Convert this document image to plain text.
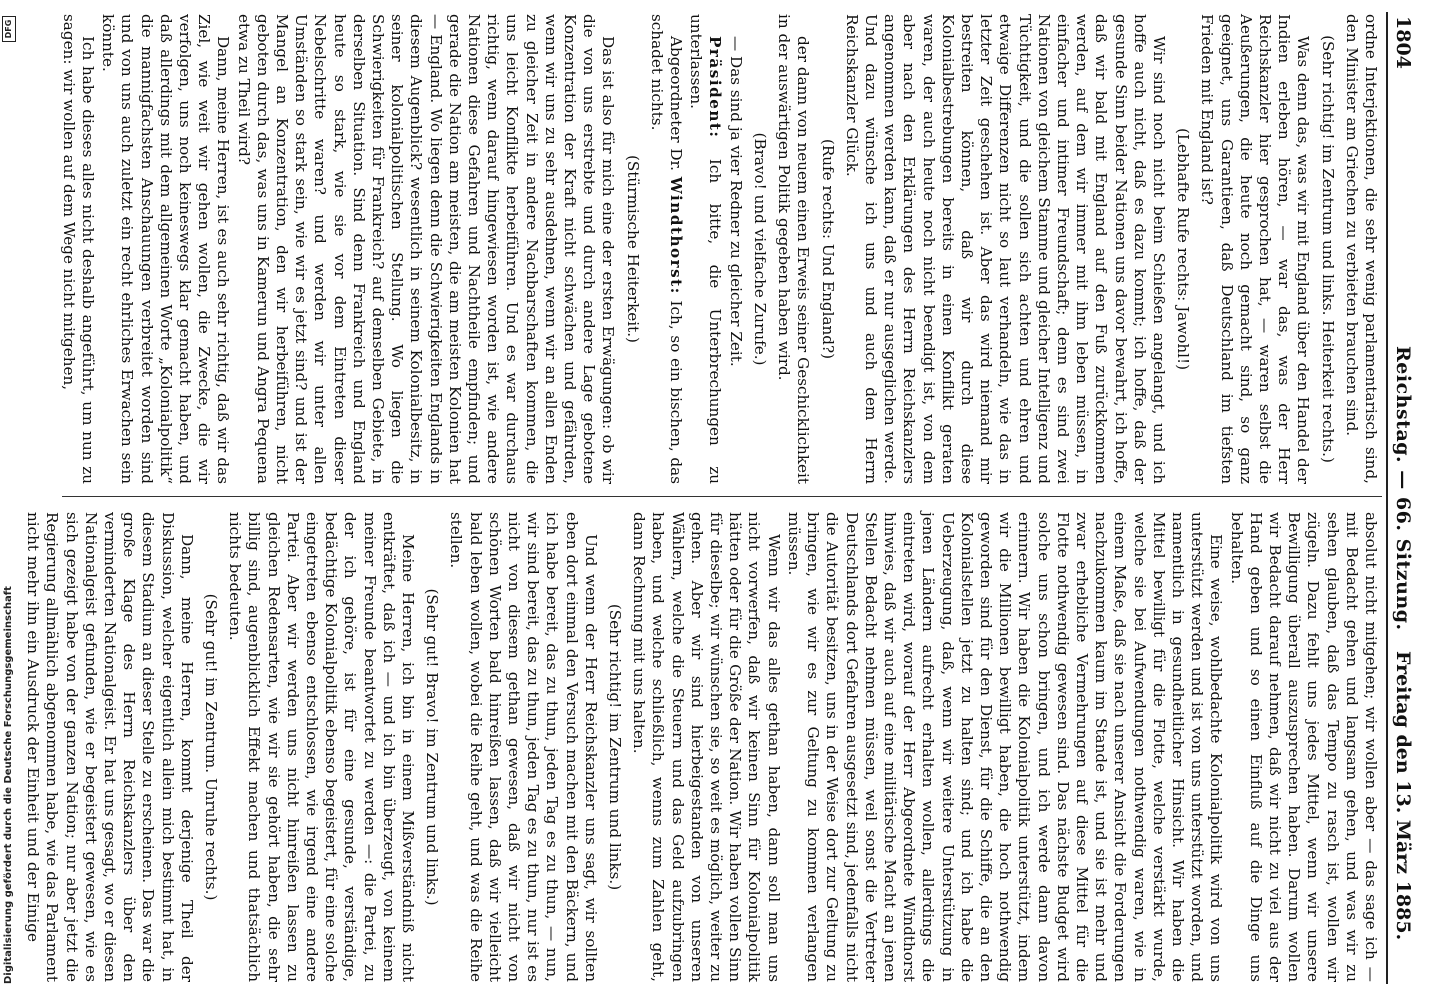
1804
Reichstag. — 66. Sitzung.
Freitag den 13. März 1885.

ordne Interjektionen, die sehr wenig parlamentarisch sind, den Minister am Griechen zu verbieten brauchen sind.

(Sehr richtig! im Zentrum und links. Heiterkeit rechts.)

Was denn das, was wir mit England über den Handel der Indien erleben hören, — war das, was der Herr Reichskanzler hier gesprochen hat, — waren selbst die Aeußerungen, die heute noch gemacht sind, so ganz geeignet, uns Garantieen, daß Deutschland im tiefsten Frieden mit England ist?

(Lebhafte Rufe rechts: Jawohl!)

Wir sind noch nicht beim Schießen angelangt, und ich hoffe auch nicht, daß es dazu kommt; ich hoffe, daß der gesunde Sinn beider Nationen uns davor bewahrt, ich hoffe, daß wir bald mit England auf den Fuß zurückkommen werden, auf dem wir immer mit ihm leben müssen, in einfacher und intimer Freundschaft; denn es sind zwei Nationen von gleichem Stamme und gleicher Intelligenz und Tüchtigkeit, und die sollen sich achten und ehren und etwaige Differenzen nicht so laut verhandeln, wie das in letzter Zeit geschehen ist. Aber das wird niemand mir bestreiten können, daß wir durch diese Kolonialbestrebungen bereits in einen Konflikt geraten waren, der auch heute noch nicht beendigt ist, von dem aber nach den Erklärungen des Herrn Reichskanzlers angenommen werden kann, daß er nur ausgeglichen werde. Und dazu wünsche ich uns und auch dem Herrn Reichskanzler Glück.

(Rufe rechts: Und England?)

der dann von neuem einen Erweis seiner Geschicklichkeit in der auswärtigen Politik gegeben haben wird.

(Bravo! und vielfache Zurufe.)

— Das sind ja vier Redner zu gleicher Zeit.

Präsident: Ich bitte, die Unterbrechungen zu unterlassen.

Abgeordneter Dr. Windthorst: Ich, so ein bischen, das schadet nichts.

(Stürmische Heiterkeit.)

Das ist also für mich eine der ersten Erwägungen: ob wir die von uns erstrebte und durch andere Lage gebotene Konzentration der Kraft nicht schwächen und gefährden, wenn wir uns zu sehr ausdehnen, wenn wir an allen Enden zu gleicher Zeit in andere Nachbarschaften kommen, die uns leicht Konflikte herbeiführen. Und es war durchaus richtig, wenn darauf hingewiesen worden ist, wie andere Nationen diese Gefahren und Nachtheile empfinden; und gerade die Nation am meisten, die am meisten Kolonien hat — England. Wo liegen denn die Schwierigkeiten Englands in diesem Augenblick? wesentlich in seinem Kolonialbesitz, in seiner kolonialpolitischen Stellung. Wo liegen die Schwierigkeiten für Frankreich? auf demselben Gebiete, in derselben Situation. Sind denn Frankreich und England heute so stark, wie sie vor dem Eintreten dieser Nebelschritte waren? und werden wir unter allen Umständen so stark sein, wie wir es jetzt sind? und ist der Mangel an Konzentration, den wir herbeiführen, nicht geboten durch das, was uns in Kamerun und Angra Pequena etwa zu Theil wird?

Dann, meine Herren, ist es auch sehr richtig, daß wir das Ziel, wie weit wir gehen wollen, die Zwecke, die wir verfolgen, uns noch keineswegs klar gemacht haben, und daß allerdings mit dem allgemeinen Worte „Kolonialpolitik“ die mannigfachsten Anschauungen verbreitet worden sind und von uns auch zuletzt ein recht ehrliches Erwachen sein könnte.

Ich habe dieses alles nicht deshalb angeführt, um nun zu sagen: wir wollen auf dem Wege nicht mitgehen,

absolut nicht mitgehen; wir wollen aber — das sage ich — mit Bedacht gehen und langsam gehen, und was wir zu sehen glauben, daß das Tempo zu rasch ist, wollen wir zügeln. Dazu fehlt uns jedes Mittel, wenn wir unsere Bewilligung überall auszusprechen haben. Darum wollen wir Bedacht darauf nehmen, daß wir nicht zu viel aus der Hand geben und so einen Einfluß auf die Dinge uns behalten.

Eine weise, wohlbedachte Kolonialpolitik wird von uns unterstützt werden und ist von uns unterstützt worden, und namentlich in gesundheitlicher Hinsicht. Wir haben die Mittel bewilligt für die Flotte, welche verstärkt wurde, welche sie bei Aufwendungen nothwendig waren, wie in einem Maße, daß sie nach unserer Ansicht die Forderungen nachzukommen kaum im Stande ist, und sie ist mehr und zwar erhebliche Vermehrungen auf diese Mittel für die Flotte nothwendig gewesen sind. Das nächste Budget wird solche uns schon bringen, und ich werde dann davon erinnern. Wir haben die Kolonialpolitik unterstützt, indem wir die Millionen bewilligt haben, die hoch nothwendig geworden sind für den Dienst, für die Schiffe, die an den Kolonialstellen jetzt zu halten sind; und ich habe die Ueberzeugung, daß, wenn wir weitere Unterstützung in jenen Ländern aufrecht erhalten wollen, allerdings die eintreten wird, worauf der Herr Abgeordnete Windthorst hinwies, daß wir auch auf eine militärische Macht an jenen Stellen Bedacht nehmen müssen, weil sonst die Vertreter Deutschlands dort Gefahren ausgesetzt sind, jedenfalls nicht die Autorität besitzen, uns in der Weise dort zur Geltung zu bringen, wie wir es zur Geltung zu kommen verlangen müssen.

Wenn wir das alles gethan haben, dann soll man uns nicht vorwerfen, daß wir keinen Sinn für Kolonialpolitik hätten oder für die Größe der Nation. Wir haben vollen Sinn für dieselbe; wir wünschen sie, so weit es möglich, weiter zu gehen. Aber wir sind hierbeigestanden von unseren Wählern, welche die Steuern und das Geld aufzubringen haben, und welche schließlich, wenns zum Zahlen geht, dann Rechnung mit uns halten.

(Sehr richtig! im Zentrum und links.)

Und wenn der Herr Reichskanzler uns sagt, wir sollten eben dort einmal den Versuch machen mit den Bäckern, und ich habe bereit, das zu thun, jeden Tag es zu thun, — nun, wir sind bereit, das zu thun, jeden Tag es zu thun, nur ist es nicht von diesem gethan gewesen, daß wir nicht von schönen Worten bald hinreißen lassen, daß wir vielleicht bald leben wollen, wobei die Reihe geht, und was die Reihe stellen.

(Sehr gut! Bravo! im Zentrum und links.)

Meine Herren, ich bin in einem Mißverständniß nicht entkräftet, daß ich — und ich bin überzeugt, von keinem meiner Freunde beantwortet zu werden —: die Partei, zu der ich gehöre, ist für eine gesunde, verständige, bedächtige Kolonialpolitik ebenso begeistert, für eine solche eingetreten ebenso entschlossen, wie irgend eine andere Partei. Aber wir werden uns nicht hinreißen lassen zu gleichen Redensarten, wie wir sie gehört haben, die sehr billig sind, augenblicklich Effekt machen und thatsächlich nichts bedeuten.

(Sehr gut! im Zentrum. Unruhe rechts.)

Dann, meine Herren, kommt derjenige Theil der Diskussion, welcher eigentlich allein mich bestimmt hat, in diesem Stadium an dieser Stelle zu erscheinen. Das war die große Klage des Herrn Reichskanzlers über den verminderten Nationalgeist. Er hat uns gesagt, wo er diesen Nationalgeist gefunden, wie er begeistert gewesen, wie es sich gezeigt habe von der ganzen Nation; nur aber jetzt die Regierung allmählich abgenommen habe, wie das Parlament nicht mehr ihn ein Ausdruck der Einheit und der Einige

Digitalisierung gefördert durch die Deutsche Forschungsgemeinschaft
DFG
